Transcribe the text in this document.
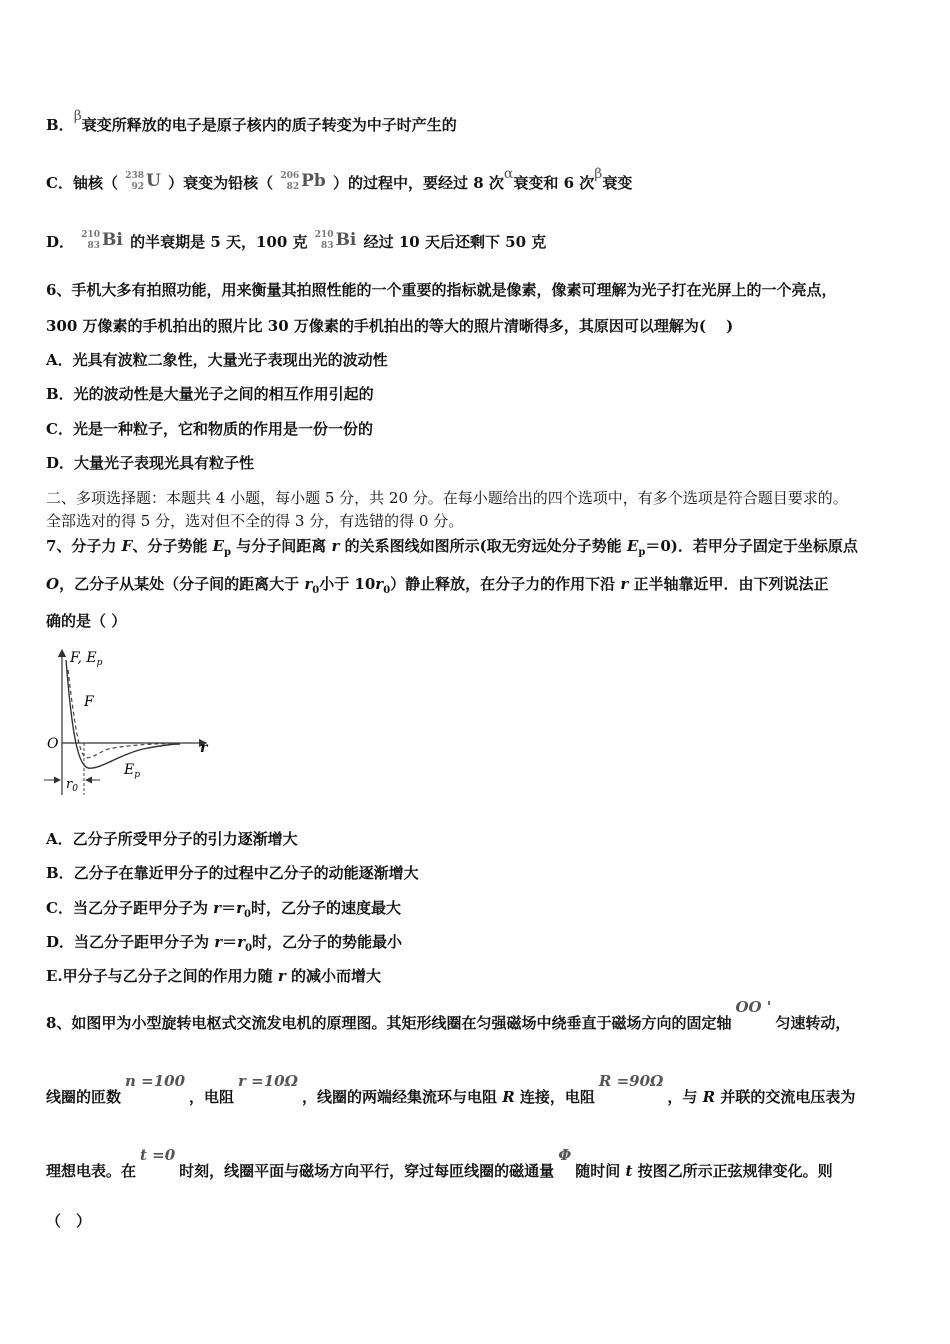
B．β衰变所释放的电子是原子核内的质子转变为中子时产生的
C．铀核（ 238
92 U ）衰变为铅核（ 206
82 Pb ）的过程中，要经过 8 次α衰变和 6 次β衰变
D． 210
83 Bi 的半衰期是 5 天，100 克 210
83 Bi 经过 10 天后还剩下 50 克
6、手机大多有拍照功能，用来衡量其拍照性能的一个重要的指标就是像素，像素可理解为光子打在光屏上的一个亮点，
300 万像素的手机拍出的照片比 30 万像素的手机拍出的等大的照片清晰得多，其原因可以理解为(　 )
A．光具有波粒二象性，大量光子表现出光的波动性
B．光的波动性是大量光子之间的相互作用引起的
C．光是一种粒子，它和物质的作用是一份一份的
D．大量光子表现光具有粒子性
二、多项选择题：本题共 4 小题，每小题 5 分，共 20 分。在每小题给出的四个选项中，有多个选项是符合题目要求的。
全部选对的得 5 分，选对但不全的得 3 分，有选错的得 0 分。
7、分子力 F、分子势能 $E_p$ 与分子间距离 r 的关系图线如图所示(取无穷远处分子势能 $E_p=0$)．若甲分子固定于坐标原点
O，乙分子从某处（分子间的距离大于 $r_0$小于 $10r_0$）静止释放，在分子力的作用下沿 r 正半轴靠近甲．由下列说法正
确的是（ ）
F, $E_p$
O	r
F
$E_p$
$r_0$
A．乙分子所受甲分子的引力逐渐增大
B．乙分子在靠近甲分子的过程中乙分子的动能逐渐增大
C．当乙分子距甲分子为 $r=r_0$时，乙分子的速度最大
D．当乙分子距甲分子为 $r=r_0$时，乙分子的势能最小
E.甲分子与乙分子之间的作用力随 r 的减小而增大
8、如图甲为小型旋转电枢式交流发电机的原理图。其矩形线圈在匀强磁场中绕垂直于磁场方向的固定轴OO '匀速转动，
线圈的匝数n =100，电阻r =10Ω，线圈的两端经集流环与电阻 R 连接，电阻R =90Ω，与 R 并联的交流电压表为
理想电表。在t =0时刻，线圈平面与磁场方向平行，穿过每匝线圈的磁通量Φ随时间 t 按图乙所示正弦规律变化。则
（　）
